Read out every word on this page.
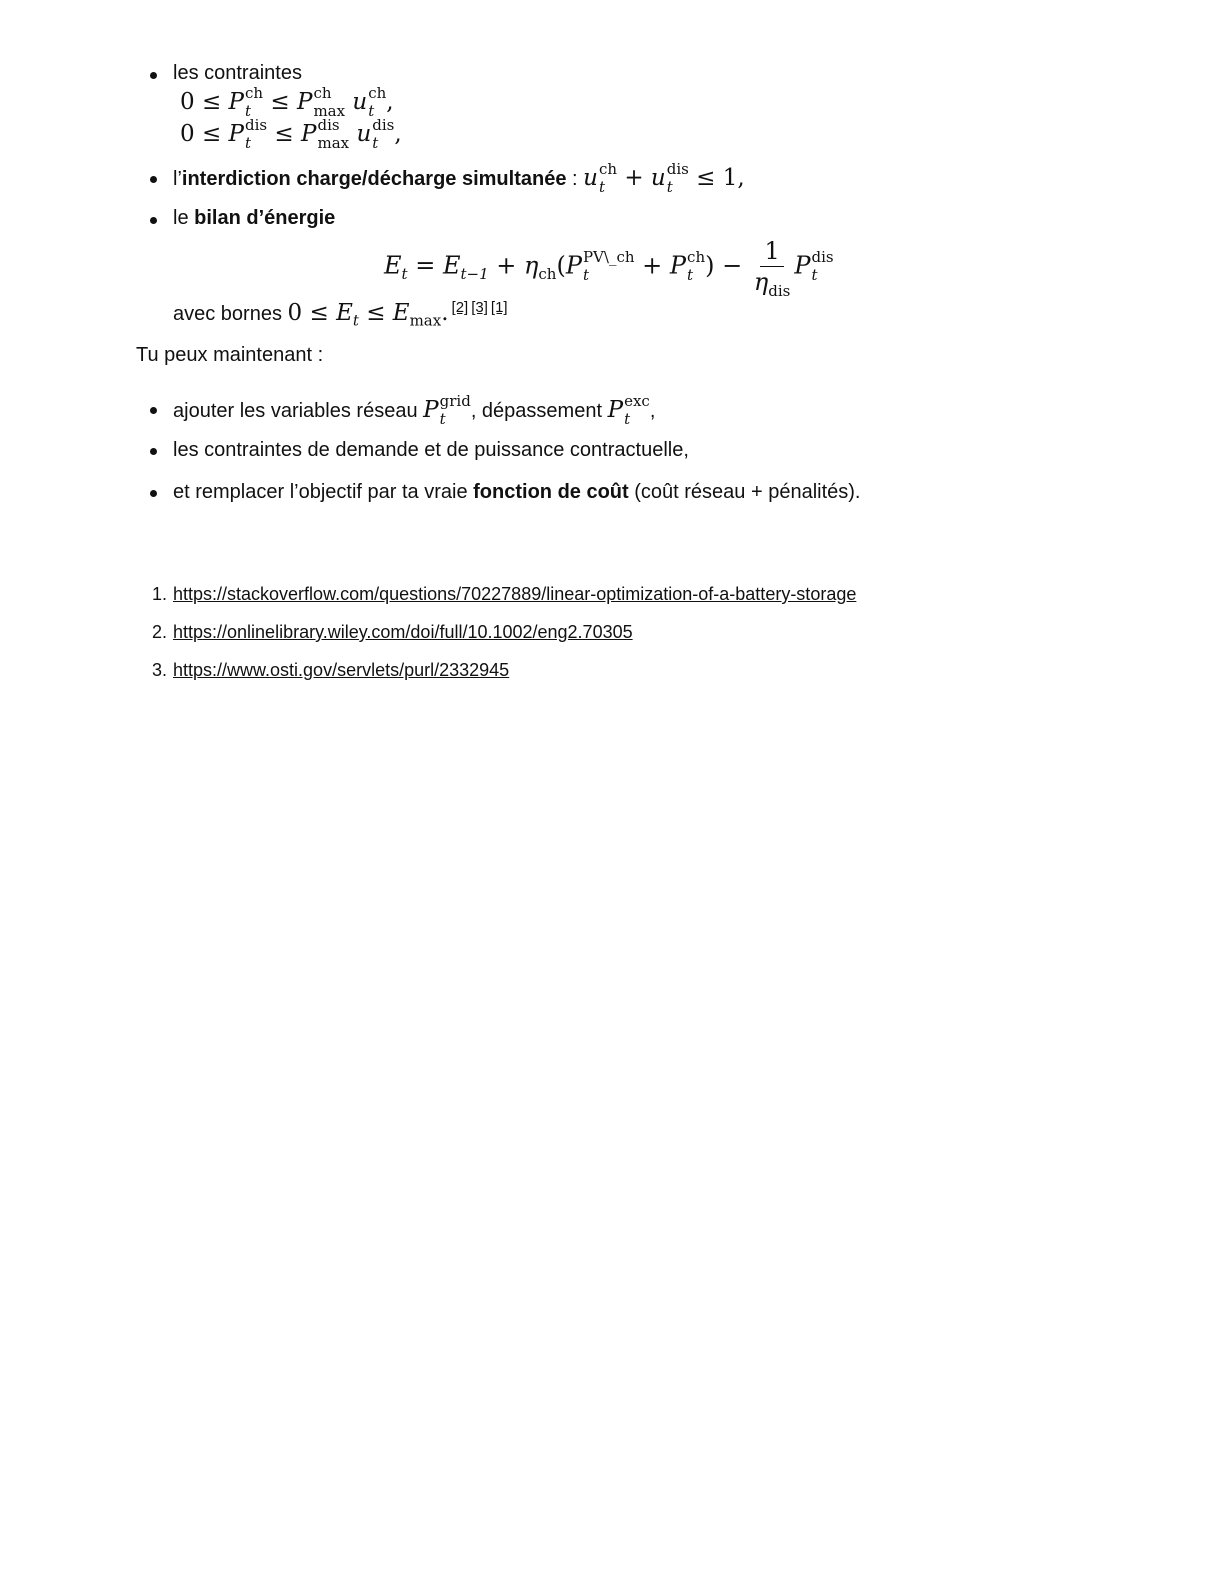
les contraintes
0 ≤ P ch
t ≤ P ch
max u ch
t ,
0 ≤ P dis
t ≤ P dis
max u dis
t ,
l’interdiction charge/décharge simultanée : u ch
t + u dis
t ≤ 1,
le bilan d’énergie
$E_t = E_{t-1} + \eta_{ch}(P$ PV\_ch
t	+ P ch
t ) − $\frac{1}{\eta_{dis}}$ P dis
t
avec bornes $0 \le E_t \le E_{max}$. [2] [3] [1]
Tu peux maintenant :
ajouter les variables réseau P grid
t	, dépassement P exc
t ,
les contraintes de demande et de puissance contractuelle,
et remplacer l’objectif par ta vraie fonction de coût (coût réseau + pénalités).
1. https://stackoverflow.com/questions/70227889/linear-optimization-of-a-battery-storage
2. https://onlinelibrary.wiley.com/doi/full/10.1002/eng2.70305
3. https://www.osti.gov/servlets/purl/2332945
